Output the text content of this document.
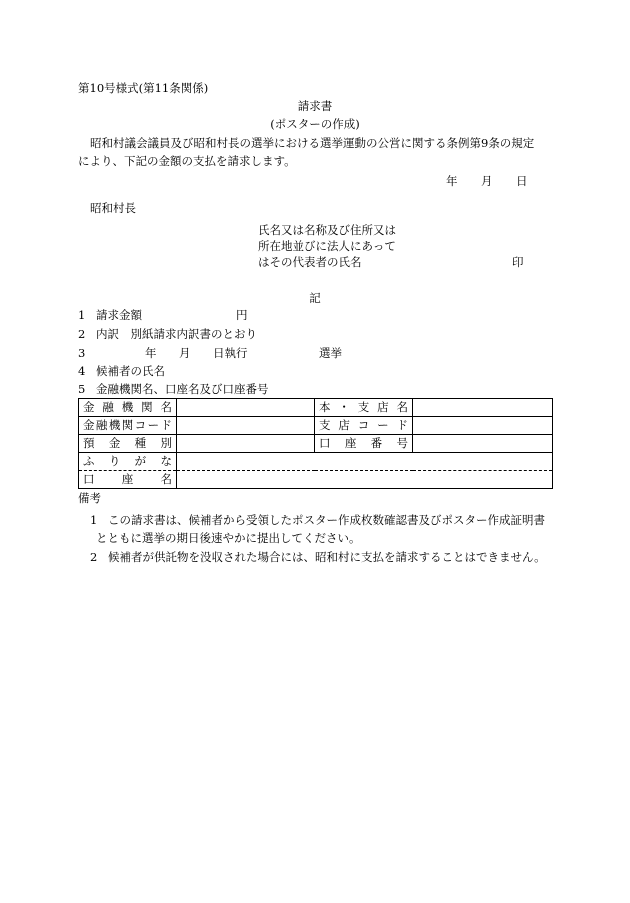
第10号様式(第11条関係)
請求書
(ポスターの作成)
昭和村議会議員及び昭和村長の選挙における選挙運動の公営に関する条例第9条の規定
により、下記の金額の支払を請求します。
年 月 日
昭和村長
氏名又は名称及び住所又は
所在地並びに法人にあって
はその代表者の氏名	印
記
1 請求金額	円
2 内訳　別紙請求内訳書のとおり
3	年 月 日執行	選挙
4 候補者の氏名
5 金融機関名、口座名及び口座番号
金融機関名		本・支店名	
金融機関コード		支店コード	
預金種別		口座番号	
ふりがな			
口座名			
備考
1 この請求書は、候補者から受領したポスター作成枚数確認書及びポスター作成証明書
とともに選挙の期日後速やかに提出してください。
2 候補者が供託物を没収された場合には、昭和村に支払を請求することはできません。
